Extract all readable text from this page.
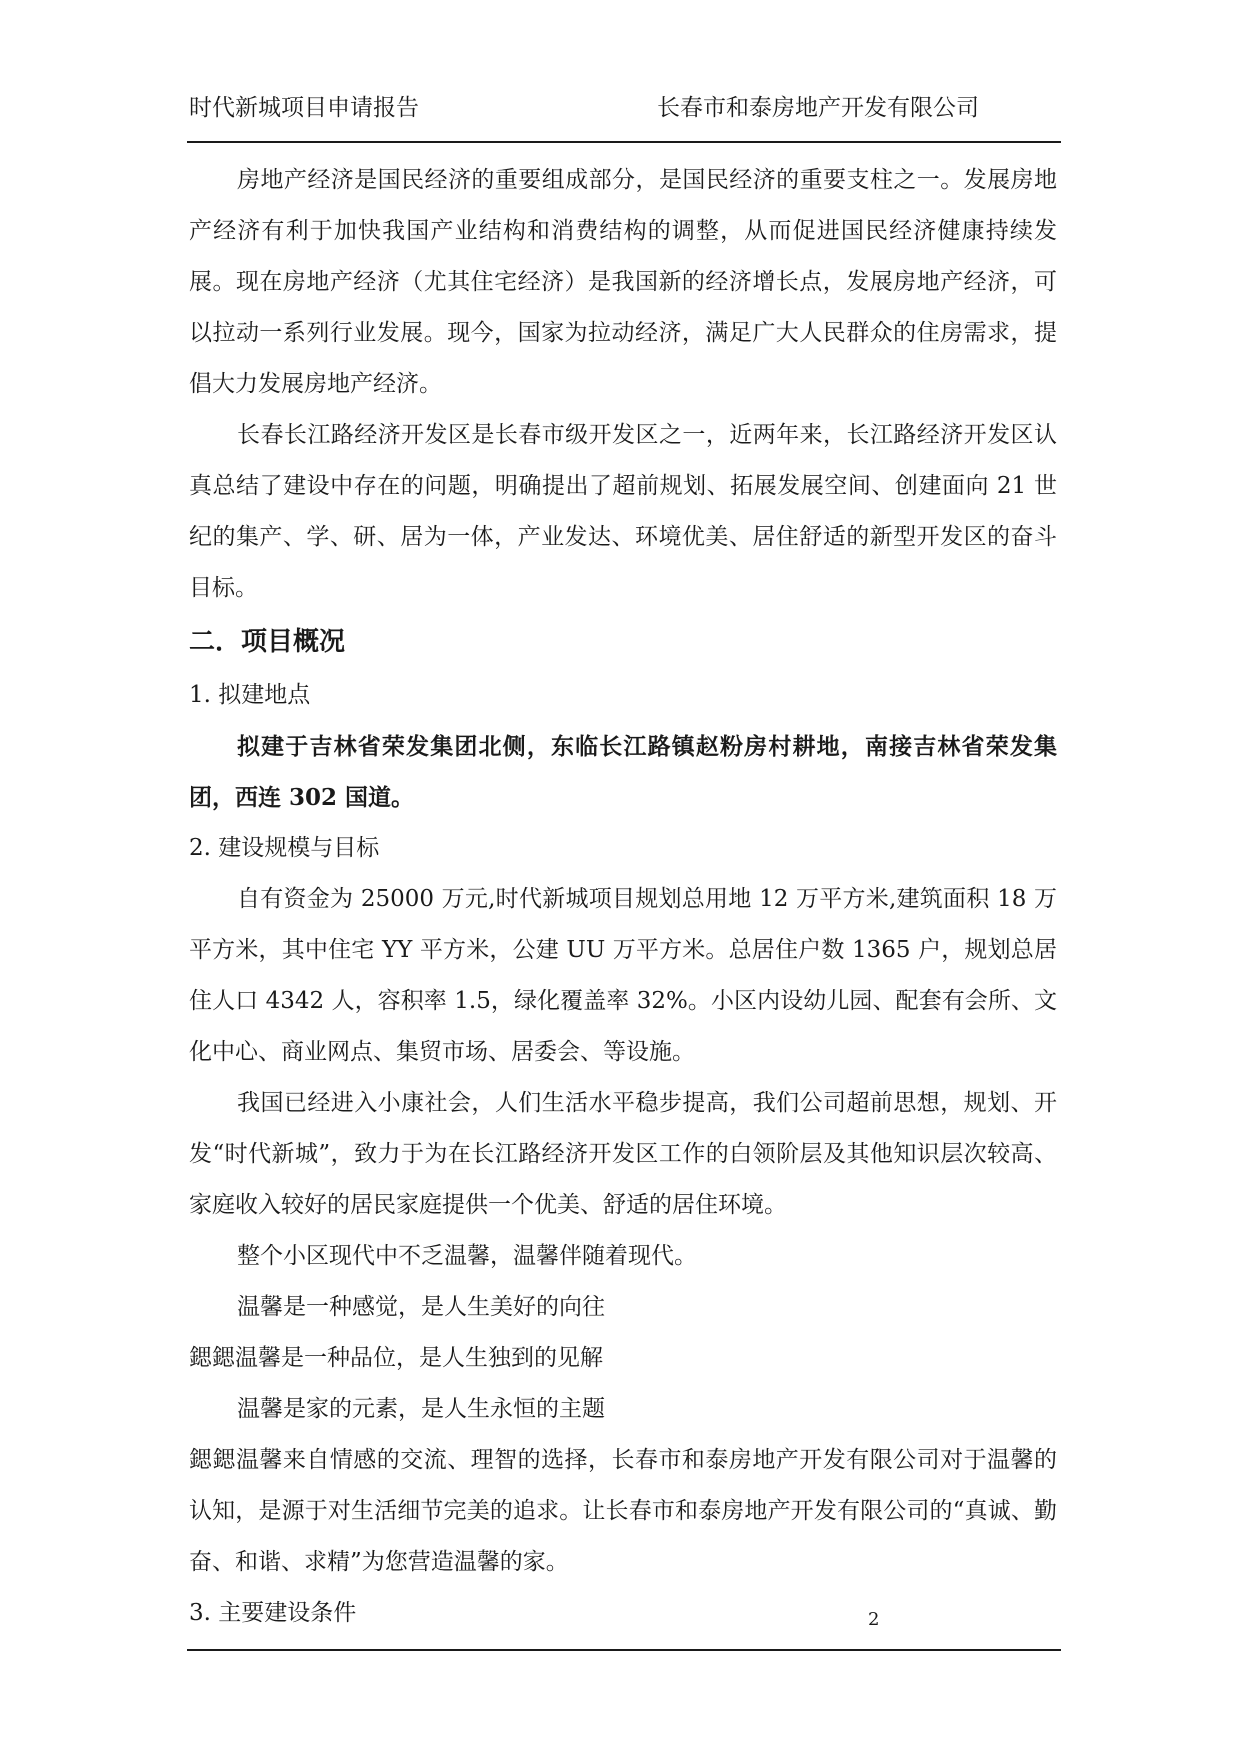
时代新城项目申请报告	长春市和泰房地产开发有限公司

房地产经济是国民经济的重要组成部分，是国民经济的重要支柱之一。发展房地产经济有利于加快我国产业结构和消费结构的调整，从而促进国民经济健康持续发展。现在房地产经济（尤其住宅经济）是我国新的经济增长点，发展房地产经济，可以拉动一系列行业发展。现今，国家为拉动经济，满足广大人民群众的住房需求，提倡大力发展房地产经济。

长春长江路经济开发区是长春市级开发区之一，近两年来，长江路经济开发区认真总结了建设中存在的问题，明确提出了超前规划、拓展发展空间、创建面向 21 世纪的集产、学、研、居为一体，产业发达、环境优美、居住舒适的新型开发区的奋斗目标。

二．项目概况

1. 拟建地点

拟建于吉林省荣发集团北侧，东临长江路镇赵粉房村耕地，南接吉林省荣发集团，西连 302 国道。

2. 建设规模与目标

自有资金为 25000 万元,时代新城项目规划总用地 12 万平方米,建筑面积 18 万平方米，其中住宅 YY 平方米，公建 UU 万平方米。总居住户数 1365 户，规划总居住人口 4342 人，容积率 1.5，绿化覆盖率 32%。小区内设幼儿园、配套有会所、文化中心、商业网点、集贸市场、居委会、等设施。

我国已经进入小康社会，人们生活水平稳步提高，我们公司超前思想，规划、开发“时代新城”，致力于为在长江路经济开发区工作的白领阶层及其他知识层次较高、家庭收入较好的居民家庭提供一个优美、舒适的居住环境。

整个小区现代中不乏温馨，温馨伴随着现代。

温馨是一种感觉，是人生美好的向往

鍶鍶温馨是一种品位，是人生独到的见解

温馨是家的元素，是人生永恒的主题

鍶鍶温馨来自情感的交流、理智的选择，长春市和泰房地产开发有限公司对于温馨的认知，是源于对生活细节完美的追求。让长春市和泰房地产开发有限公司的“真诚、勤奋、和谐、求精”为您营造温馨的家。

3. 主要建设条件	2
